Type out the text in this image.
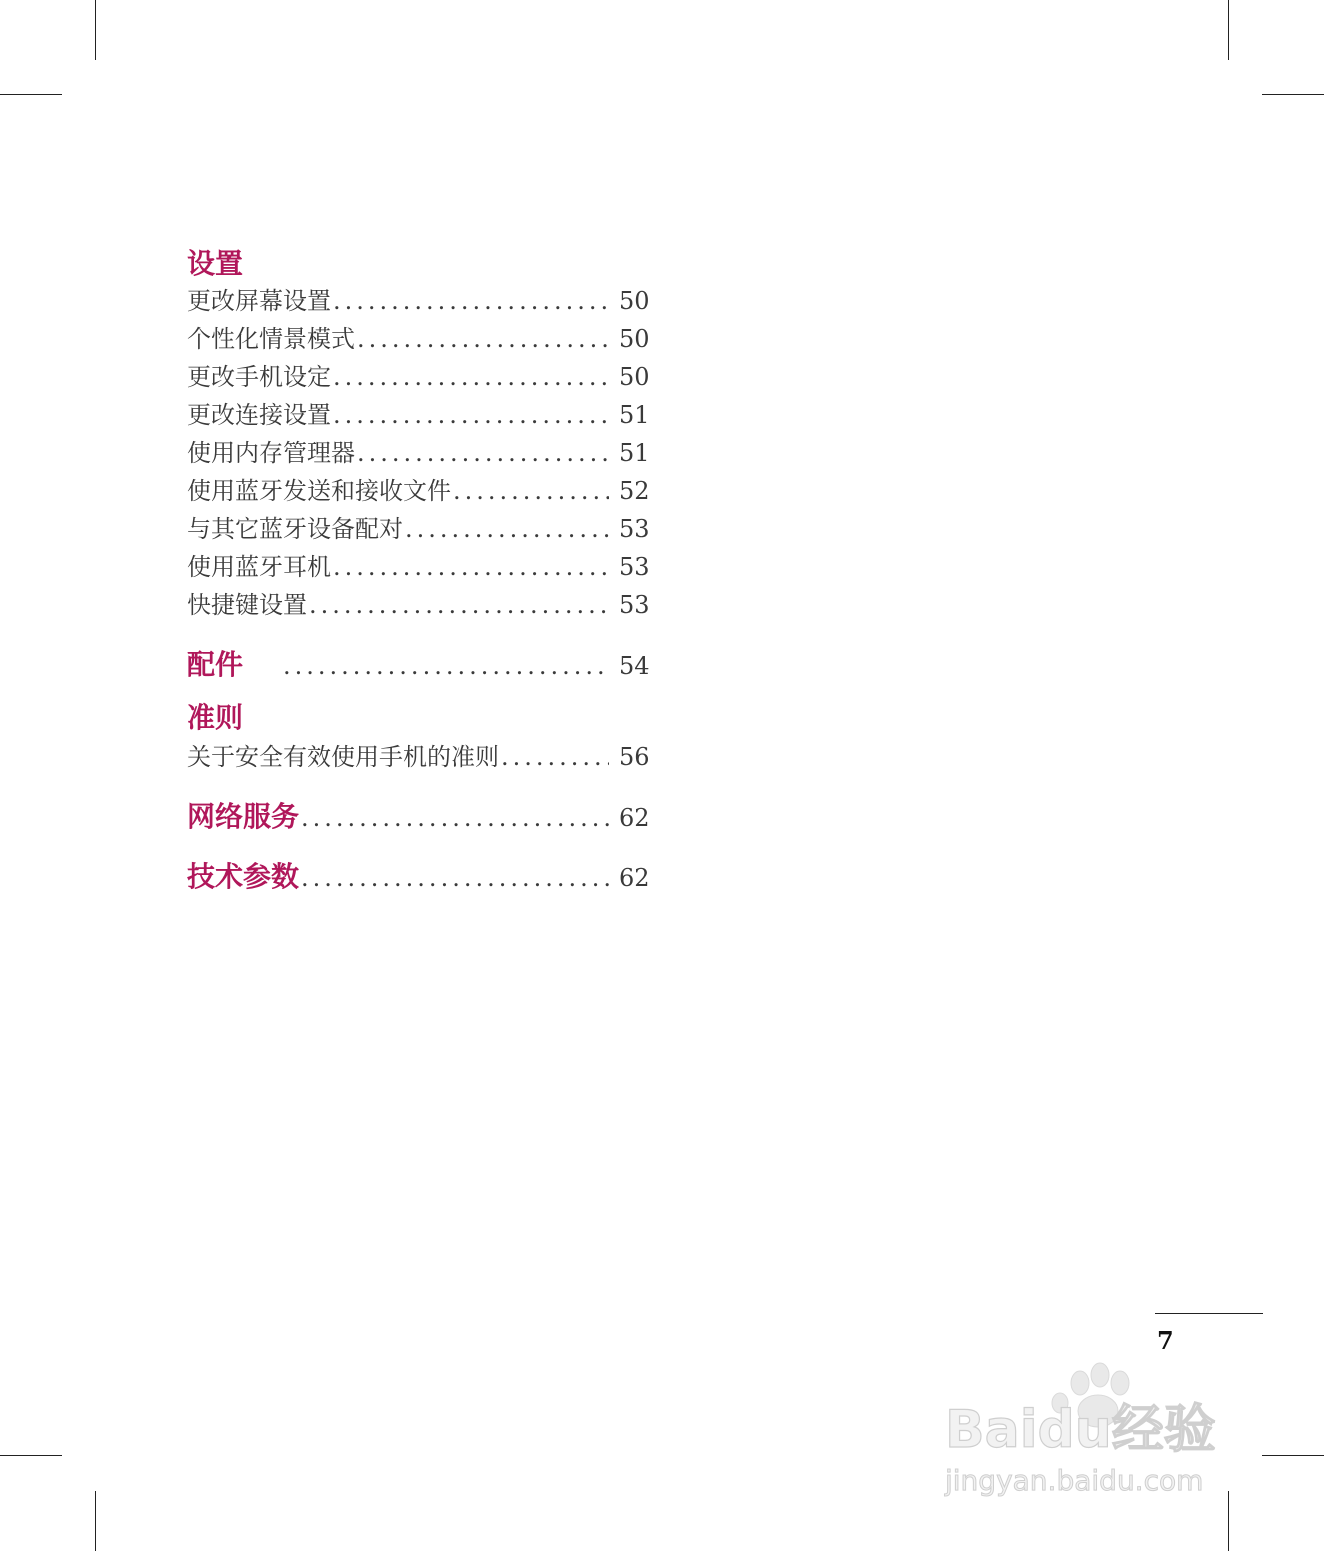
设置
更改屏幕设置 .....	50
个性化情景模式 .....	50
更改手机设定 .....	50
更改连接设置 .....	51
使用内存管理器 .....	51
使用蓝牙发送和接收文件 .....	52
与其它蓝牙设备配对 .....	53
使用蓝牙耳机 .....	53
快捷键设置 .....	53
配件 .....	54
准则
关于安全有效使用手机的准则 .....	56
网络服务 .....	62
技术参数 .....	62
7
Baidu经验
jingyan.baidu.com
